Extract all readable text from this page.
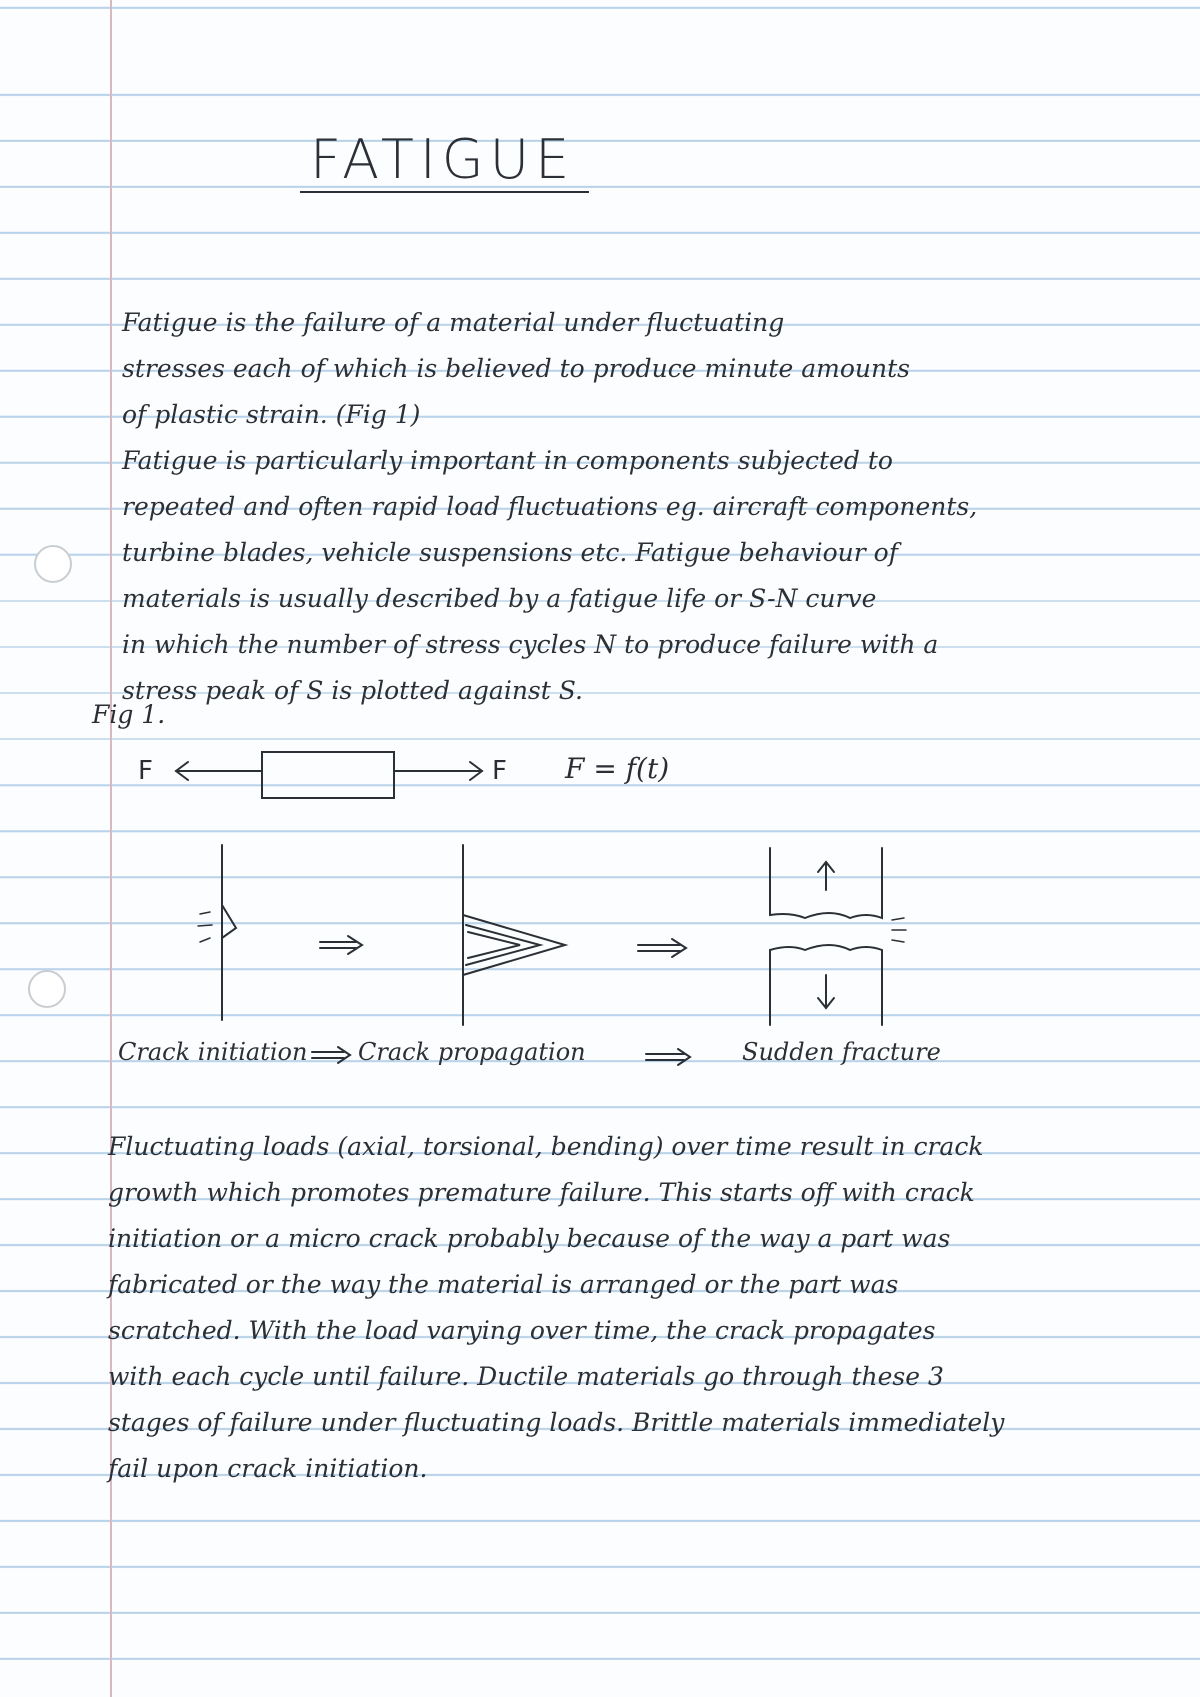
FATIGUE

Fatigue is the failure of a material under fluctuating

stresses each of which is believed to produce minute amounts

of plastic strain. (Fig 1)

Fatigue is particularly important in components subjected to

repeated and often rapid load fluctuations eg. aircraft components,

turbine blades, vehicle suspensions etc. Fatigue behaviour of

materials is usually described by a fatigue life or S-N curve

in which the number of stress cycles N to produce failure with a

stress peak of S is plotted against S.

Fig 1.
F	F F = f(t)
Crack initiation Crack propagation	Sudden fracture

Fluctuating loads (axial, torsional, bending) over time result in crack

growth which promotes premature failure. This starts off with crack

initiation or a micro crack probably because of the way a part was

fabricated or the way the material is arranged or the part was

scratched. With the load varying over time, the crack propagates

with each cycle until failure. Ductile materials go through these 3

stages of failure under fluctuating loads. Brittle materials immediately

fail upon crack initiation.
